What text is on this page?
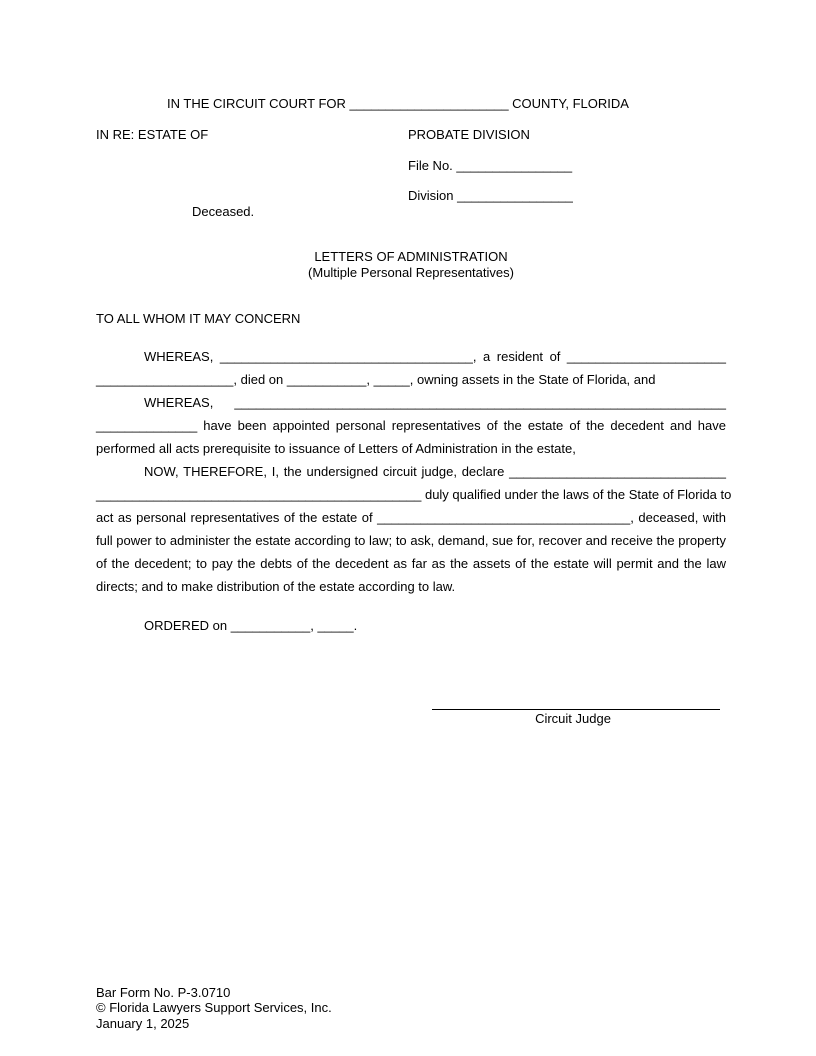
IN THE CIRCUIT COURT FOR ______________________ COUNTY, FLORIDA
IN RE: ESTATE OF	PROBATE DIVISION
File No. ________________
Division ________________
Deceased.
LETTERS OF ADMINISTRATION
(Multiple Personal Representatives)
TO ALL WHOM IT MAY CONCERN
WHEREAS, ___________________________________, a resident of ______________________
___________________, died on ___________, _____, owning assets in the State of Florida, and
WHEREAS, ____________________________________________________________________
______________ have been appointed personal representatives of the estate of the decedent and have
performed all acts prerequisite to issuance of Letters of Administration in the estate,
NOW, THEREFORE, I, the undersigned circuit judge, declare ______________________________
_____________________________________________ duly qualified under the laws of the State of Florida to
act as personal representatives of the estate of ___________________________________, deceased, with
full power to administer the estate according to law; to ask, demand, sue for, recover and receive the property
of the decedent; to pay the debts of the decedent as far as the assets of the estate will permit and the law
directs; and to make distribution of the estate according to law.
ORDERED on ___________, _____.
Circuit Judge
Bar Form No. P-3.0710
© Florida Lawyers Support Services, Inc.
January 1, 2025
